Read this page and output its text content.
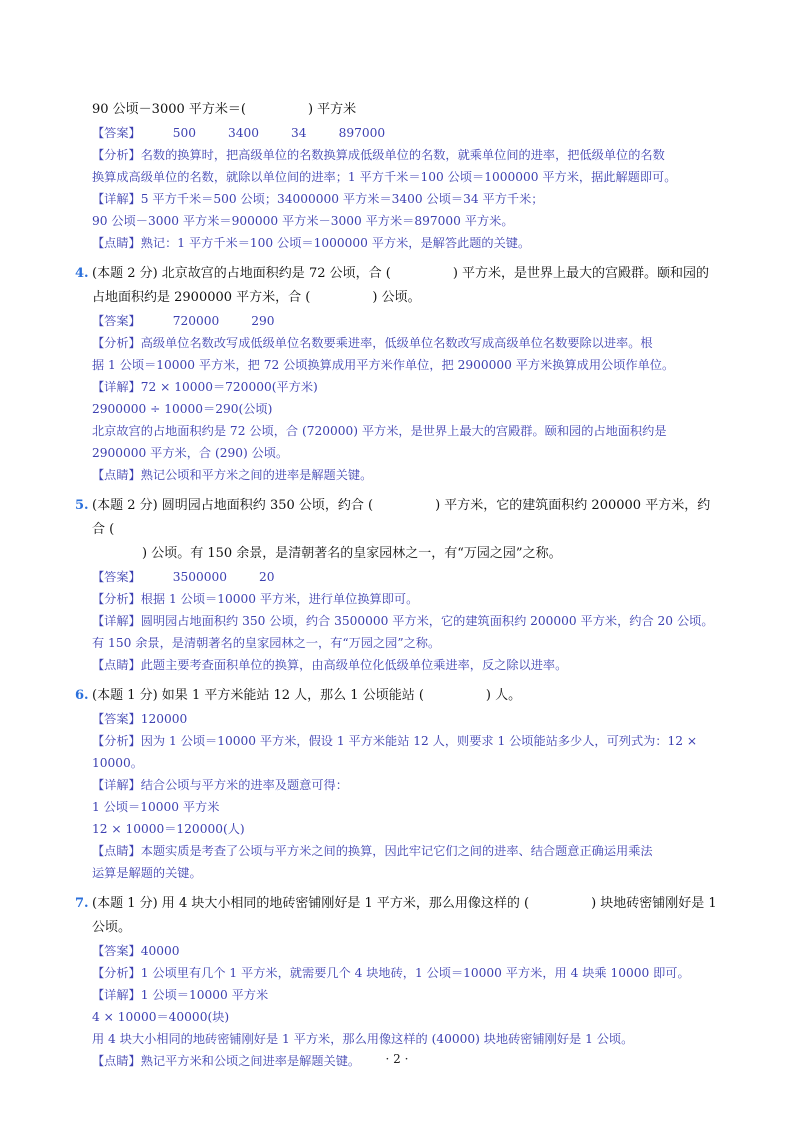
90 公顷－3000 平方米＝(	) 平方米
【答案】	500	3400	34	897000
【分析】名数的换算时，把高级单位的名数换算成低级单位的名数，就乘单位间的进率，把低级单位的名数
换算成高级单位的名数，就除以单位间的进率；1 平方千米＝100 公顷＝1000000 平方米，据此解题即可。
【详解】5 平方千米＝500 公顷；34000000 平方米＝3400 公顷＝34 平方千米；
90 公顷－3000 平方米＝900000 平方米－3000 平方米＝897000 平方米。
【点睛】熟记：1 平方千米＝100 公顷＝1000000 平方米，是解答此题的关键。
4. (本题 2 分) 北京故宫的占地面积约是 72 公顷，合 (	) 平方米，是世界上最大的宫殿群。颐和园的
占地面积约是 2900000 平方米，合 (	) 公顷。
【答案】	720000	290
【分析】高级单位名数改写成低级单位名数要乘进率，低级单位名数改写成高级单位名数要除以进率。根
据 1 公顷＝10000 平方米，把 72 公顷换算成用平方米作单位，把 2900000 平方米换算成用公顷作单位。
【详解】72 × 10000＝720000(平方米)
2900000 ÷ 10000＝290(公顷)
北京故宫的占地面积约是 72 公顷，合 (720000) 平方米，是世界上最大的宫殿群。颐和园的占地面积约是
2900000 平方米，合 (290) 公顷。
【点睛】熟记公顷和平方米之间的进率是解题关键。
5. (本题 2 分) 圆明园占地面积约 350 公顷，约合 (	) 平方米，它的建筑面积约 200000 平方米，约合 (
) 公顷。有 150 余景，是清朝著名的皇家园林之一，有“万园之园”之称。
【答案】	3500000	20
【分析】根据 1 公顷＝10000 平方米，进行单位换算即可。
【详解】圆明园占地面积约 350 公顷，约合 3500000 平方米，它的建筑面积约 200000 平方米，约合 20 公顷。
有 150 余景，是清朝著名的皇家园林之一，有“万园之园”之称。
【点睛】此题主要考查面积单位的换算，由高级单位化低级单位乘进率，反之除以进率。
6. (本题 1 分) 如果 1 平方米能站 12 人，那么 1 公顷能站 (	) 人。
【答案】120000
【分析】因为 1 公顷＝10000 平方米，假设 1 平方米能站 12 人，则要求 1 公顷能站多少人，可列式为：12 ×
10000。
【详解】结合公顷与平方米的进率及题意可得：
1 公顷＝10000 平方米
12 × 10000＝120000(人)
【点睛】本题实质是考查了公顷与平方米之间的换算，因此牢记它们之间的进率、结合题意正确运用乘法
运算是解题的关键。
7. (本题 1 分) 用 4 块大小相同的地砖密铺刚好是 1 平方米，那么用像这样的 (	) 块地砖密铺刚好是 1
公顷。
【答案】40000
【分析】1 公顷里有几个 1 平方米，就需要几个 4 块地砖，1 公顷＝10000 平方米，用 4 块乘 10000 即可。
【详解】1 公顷＝10000 平方米
4 × 10000＝40000(块)
用 4 块大小相同的地砖密铺刚好是 1 平方米，那么用像这样的 (40000) 块地砖密铺刚好是 1 公顷。
【点睛】熟记平方米和公顷之间进率是解题关键。	· 2 ·
